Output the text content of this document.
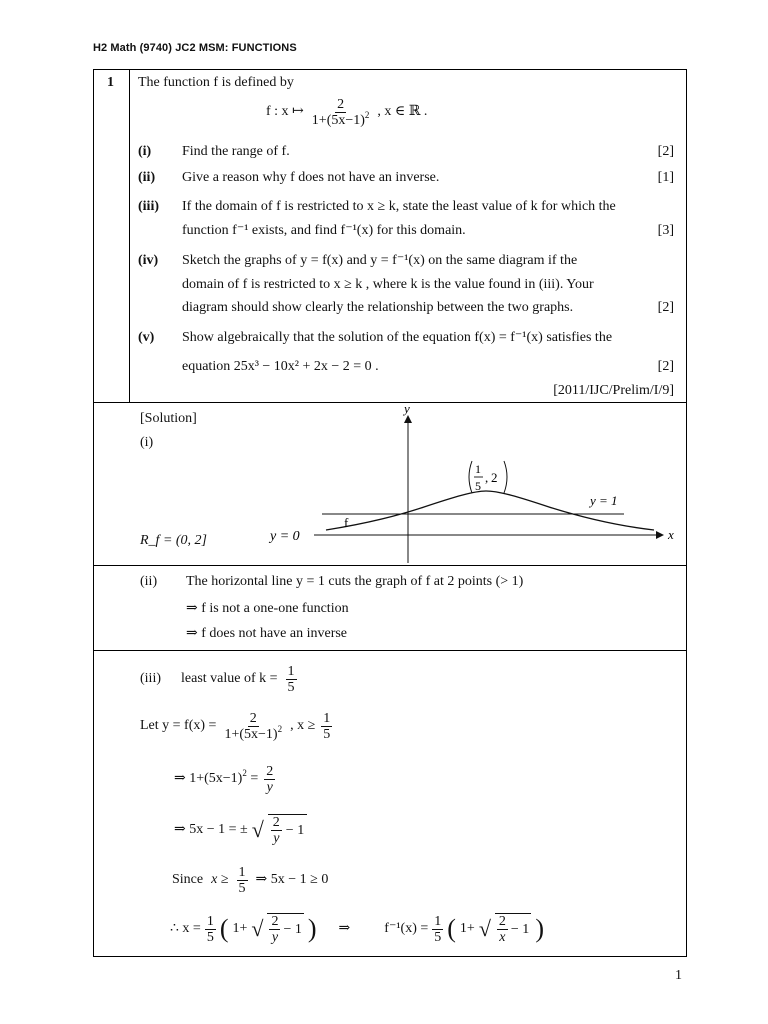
H2 Math (9740) JC2 MSM: FUNCTIONS
1 The function f is defined by
f : x ↦ $\frac{2}{1+(5x-1)^2}$ , x ∈ ℝ .
(i) Find the range of f.	[2]
(ii) Give a reason why f does not have an inverse.	[1]
(iii) If the domain of f is restricted to x ≥ k, state the least value of k for which the
function f⁻¹ exists, and find f⁻¹(x) for this domain.	[3]
(iv) Sketch the graphs of y = f(x) and y = f⁻¹(x) on the same diagram if the
domain of f is restricted to x ≥ k , where k is the value found in (iii). Your
diagram should show clearly the relationship between the two graphs.	[2]
(v) Show algebraically that the solution of the equation f(x) = f⁻¹(x) satisfies the
equation 25x³ − 10x² + 2x − 2 = 0 .	[2]
[2011/IJC/Prelim/I/9]
[Solution]
(i)
R_f = (0, 2]
y
x
f
y = 0
y = 1
1
5
, 2
(ii) The horizontal line y = 1 cuts the graph of f at 2 points (> 1)
⇒ f is not a one-one function
⇒ f does not have an inverse
(iii) least value of $k = \frac{1}{5}$
Let $y = f(x) = \frac{2}{1+(5x-1)^2}$ , $x \ge \frac{1}{5}$
⇒ $1+(5x-1)^2 = \frac{2}{y}$
⇒ 5x − 1 = ± √ $\frac{2}{y} - 1$
Since $x \ge \frac{1}{5}$ ⇒ 5x − 1 ≥ 0
∴ $x = \frac{1}{5}$ ( 1+ √ $\frac{2}{y} - 1$ ) ⇒ $f^{-1}(x) = \frac{1}{5}$ ( 1+ √ $\frac{2}{x} - 1$ )
1
